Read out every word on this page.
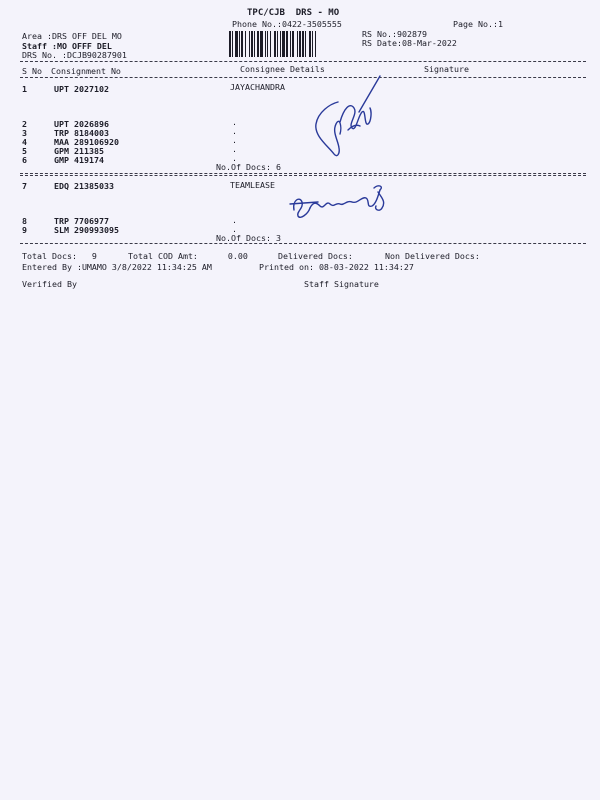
TPC/CJB  DRS - MO
Phone No.:0422-3505555	Page No.:1
Area :DRS OFF DEL MO
Staff :MO OFFF DEL
DRS No. :DCJB90287901
RS No.:902879
RS Date:08-Mar-2022
S No Consignment No	Consignee Details	Signature
1	UPT 2027102	JAYACHANDRA
2	UPT 2026896
3	TRP 8184003
4	MAA 289106920
5	GPM 211385
6	GMP 419174
.
.
.
.
.
No.Of Docs: 6
7	EDQ 21385033	TEAMLEASE
8	TRP 7706977
9	SLM 290993095
.
.
No.Of Docs: 3
Total Docs:   9	Total COD Amt:      0.00	Delivered Docs:	Non Delivered Docs:
Entered By :UMAMO 3/8/2022 11:34:25 AM	Printed on: 08-03-2022 11:34:27
Verified By	Staff Signature
